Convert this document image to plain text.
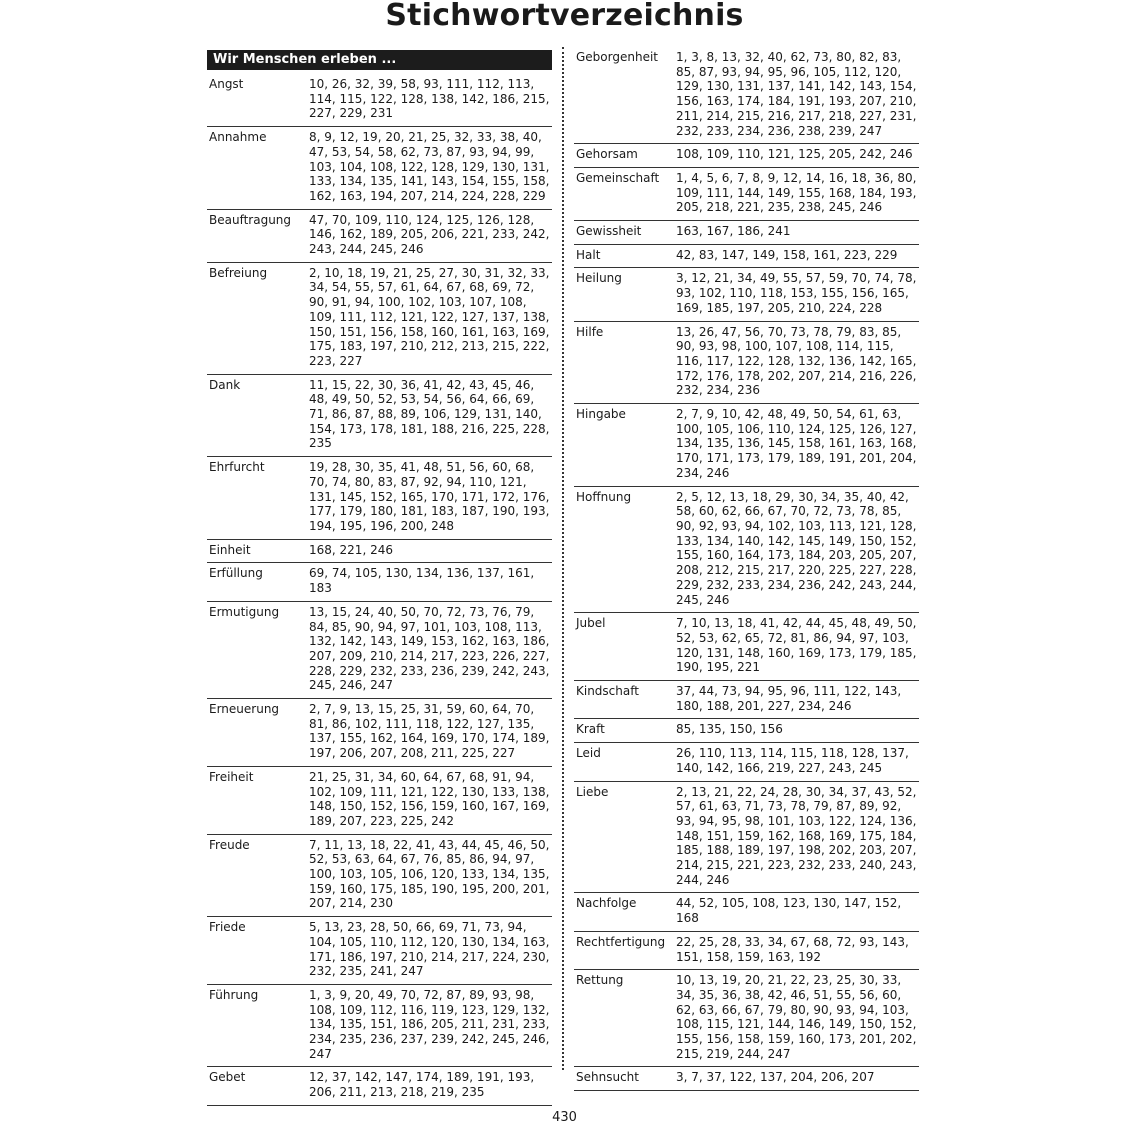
Stichwortverzeichnis
Wir Menschen erleben ...
Angst	10, 26, 32, 39, 58, 93, 111, 112, 113, 114, 115, 122, 128, 138, 142, 186, 215, 227, 229, 231
Annahme	8, 9, 12, 19, 20, 21, 25, 32, 33, 38, 40, 47, 53, 54, 58, 62, 73, 87, 93, 94, 99, 103, 104, 108, 122, 128, 129, 130, 131, 133, 134, 135, 141, 143, 154, 155, 158, 162, 163, 194, 207, 214, 224, 228, 229
Beauftragung	47, 70, 109, 110, 124, 125, 126, 128, 146, 162, 189, 205, 206, 221, 233, 242, 243, 244, 245, 246
Befreiung	2, 10, 18, 19, 21, 25, 27, 30, 31, 32, 33, 34, 54, 55, 57, 61, 64, 67, 68, 69, 72, 90, 91, 94, 100, 102, 103, 107, 108, 109, 111, 112, 121, 122, 127, 137, 138, 150, 151, 156, 158, 160, 161, 163, 169, 175, 183, 197, 210, 212, 213, 215, 222, 223, 227
Dank	11, 15, 22, 30, 36, 41, 42, 43, 45, 46, 48, 49, 50, 52, 53, 54, 56, 64, 66, 69, 71, 86, 87, 88, 89, 106, 129, 131, 140, 154, 173, 178, 181, 188, 216, 225, 228, 235
Ehrfurcht	19, 28, 30, 35, 41, 48, 51, 56, 60, 68, 70, 74, 80, 83, 87, 92, 94, 110, 121, 131, 145, 152, 165, 170, 171, 172, 176, 177, 179, 180, 181, 183, 187, 190, 193, 194, 195, 196, 200, 248
Einheit	168, 221, 246
Erfüllung	69, 74, 105, 130, 134, 136, 137, 161, 183
Ermutigung	13, 15, 24, 40, 50, 70, 72, 73, 76, 79, 84, 85, 90, 94, 97, 101, 103, 108, 113, 132, 142, 143, 149, 153, 162, 163, 186, 207, 209, 210, 214, 217, 223, 226, 227, 228, 229, 232, 233, 236, 239, 242, 243, 245, 246, 247
Erneuerung	2, 7, 9, 13, 15, 25, 31, 59, 60, 64, 70, 81, 86, 102, 111, 118, 122, 127, 135, 137, 155, 162, 164, 169, 170, 174, 189, 197, 206, 207, 208, 211, 225, 227
Freiheit	21, 25, 31, 34, 60, 64, 67, 68, 91, 94, 102, 109, 111, 121, 122, 130, 133, 138, 148, 150, 152, 156, 159, 160, 167, 169, 189, 207, 223, 225, 242
Freude	7, 11, 13, 18, 22, 41, 43, 44, 45, 46, 50, 52, 53, 63, 64, 67, 76, 85, 86, 94, 97, 100, 103, 105, 106, 120, 133, 134, 135, 159, 160, 175, 185, 190, 195, 200, 201, 207, 214, 230
Friede	5, 13, 23, 28, 50, 66, 69, 71, 73, 94, 104, 105, 110, 112, 120, 130, 134, 163, 171, 186, 197, 210, 214, 217, 224, 230, 232, 235, 241, 247
Führung	1, 3, 9, 20, 49, 70, 72, 87, 89, 93, 98, 108, 109, 112, 116, 119, 123, 129, 132, 134, 135, 151, 186, 205, 211, 231, 233, 234, 235, 236, 237, 239, 242, 245, 246, 247
Gebet	12, 37, 142, 147, 174, 189, 191, 193, 206, 211, 213, 218, 219, 235
Geborgenheit	1, 3, 8, 13, 32, 40, 62, 73, 80, 82, 83, 85, 87, 93, 94, 95, 96, 105, 112, 120, 129, 130, 131, 137, 141, 142, 143, 154, 156, 163, 174, 184, 191, 193, 207, 210, 211, 214, 215, 216, 217, 218, 227, 231, 232, 233, 234, 236, 238, 239, 247
Gehorsam	108, 109, 110, 121, 125, 205, 242, 246
Gemeinschaft	1, 4, 5, 6, 7, 8, 9, 12, 14, 16, 18, 36, 80, 109, 111, 144, 149, 155, 168, 184, 193, 205, 218, 221, 235, 238, 245, 246
Gewissheit	163, 167, 186, 241
Halt	42, 83, 147, 149, 158, 161, 223, 229
Heilung	3, 12, 21, 34, 49, 55, 57, 59, 70, 74, 78, 93, 102, 110, 118, 153, 155, 156, 165, 169, 185, 197, 205, 210, 224, 228
Hilfe	13, 26, 47, 56, 70, 73, 78, 79, 83, 85, 90, 93, 98, 100, 107, 108, 114, 115, 116, 117, 122, 128, 132, 136, 142, 165, 172, 176, 178, 202, 207, 214, 216, 226, 232, 234, 236
Hingabe	2, 7, 9, 10, 42, 48, 49, 50, 54, 61, 63, 100, 105, 106, 110, 124, 125, 126, 127, 134, 135, 136, 145, 158, 161, 163, 168, 170, 171, 173, 179, 189, 191, 201, 204, 234, 246
Hoffnung	2, 5, 12, 13, 18, 29, 30, 34, 35, 40, 42, 58, 60, 62, 66, 67, 70, 72, 73, 78, 85, 90, 92, 93, 94, 102, 103, 113, 121, 128, 133, 134, 140, 142, 145, 149, 150, 152, 155, 160, 164, 173, 184, 203, 205, 207, 208, 212, 215, 217, 220, 225, 227, 228, 229, 232, 233, 234, 236, 242, 243, 244, 245, 246
Jubel	7, 10, 13, 18, 41, 42, 44, 45, 48, 49, 50, 52, 53, 62, 65, 72, 81, 86, 94, 97, 103, 120, 131, 148, 160, 169, 173, 179, 185, 190, 195, 221
Kindschaft	37, 44, 73, 94, 95, 96, 111, 122, 143, 180, 188, 201, 227, 234, 246
Kraft	85, 135, 150, 156
Leid	26, 110, 113, 114, 115, 118, 128, 137, 140, 142, 166, 219, 227, 243, 245
Liebe	2, 13, 21, 22, 24, 28, 30, 34, 37, 43, 52, 57, 61, 63, 71, 73, 78, 79, 87, 89, 92, 93, 94, 95, 98, 101, 103, 122, 124, 136, 148, 151, 159, 162, 168, 169, 175, 184, 185, 188, 189, 197, 198, 202, 203, 207, 214, 215, 221, 223, 232, 233, 240, 243, 244, 246
Nachfolge	44, 52, 105, 108, 123, 130, 147, 152, 168
Rechtfertigung 22, 25, 28, 33, 34, 67, 68, 72, 93, 143, 151, 158, 159, 163, 192
Rettung	10, 13, 19, 20, 21, 22, 23, 25, 30, 33, 34, 35, 36, 38, 42, 46, 51, 55, 56, 60, 62, 63, 66, 67, 79, 80, 90, 93, 94, 103, 108, 115, 121, 144, 146, 149, 150, 152, 155, 156, 158, 159, 160, 173, 201, 202, 215, 219, 244, 247
Sehnsucht	3, 7, 37, 122, 137, 204, 206, 207
430
